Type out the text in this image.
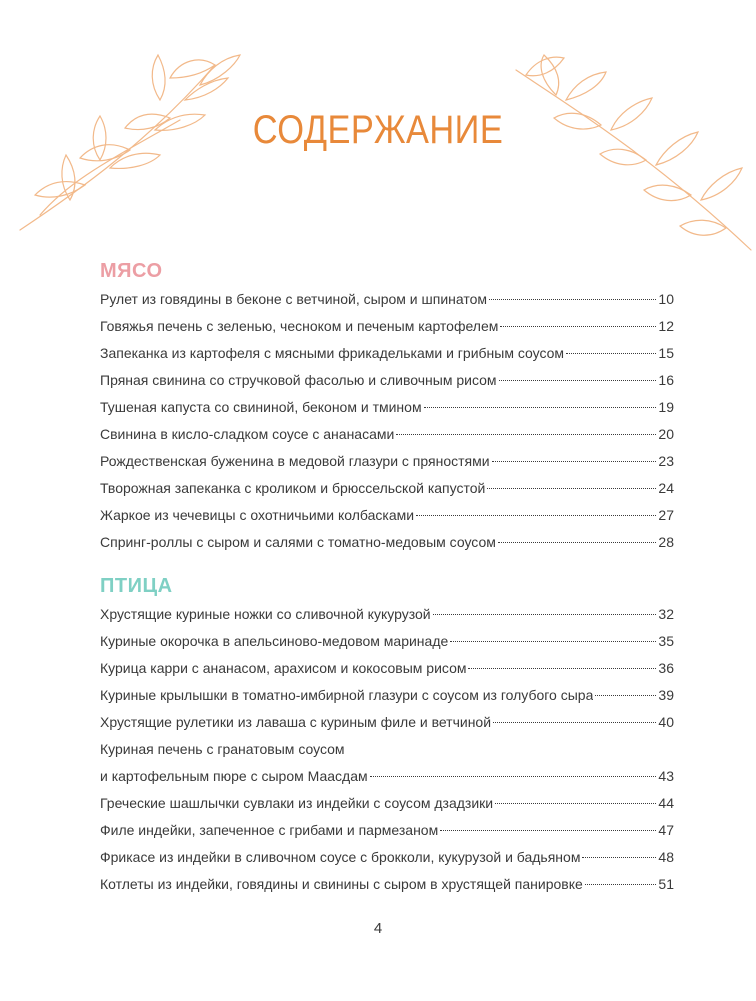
СОДЕРЖАНИЕ
МЯСО
Рулет из говядины в беконе с ветчиной, сыром и шпинатом	10
Говяжья печень с зеленью, чесноком и печеным картофелем	12
Запеканка из картофеля с мясными фрикадельками и грибным соусом	15
Пряная свинина со стручковой фасолью и сливочным рисом	16
Тушеная капуста со свининой, беконом и тмином	19
Свинина в кисло-сладком соусе с ананасами	20
Рождественская буженина в медовой глазури с пряностями	23
Творожная запеканка с кроликом и брюссельской капустой	24
Жаркое из чечевицы с охотничьими колбасками	27
Спринг-роллы с сыром и салями с томатно-медовым соусом	28
ПТИЦА
Хрустящие куриные ножки со сливочной кукурузой	32
Куриные окорочка в апельсиново-медовом маринаде	35
Курица карри с ананасом, арахисом и кокосовым рисом	36
Куриные крылышки в томатно-имбирной глазури с соусом из голубого сыра	39
Хрустящие рулетики из лаваша с куриным филе и ветчиной	40
Куриная печень с гранатовым соусом
и картофельным пюре с сыром Маасдам	43
Греческие шашлычки сувлаки из индейки с соусом дзадзики	44
Филе индейки, запеченное с грибами и пармезаном	47
Фрикасе из индейки в сливочном соусе с брокколи, кукурузой и бадьяном	48
Котлеты из индейки, говядины и свинины с сыром в хрустящей панировке	51
4
